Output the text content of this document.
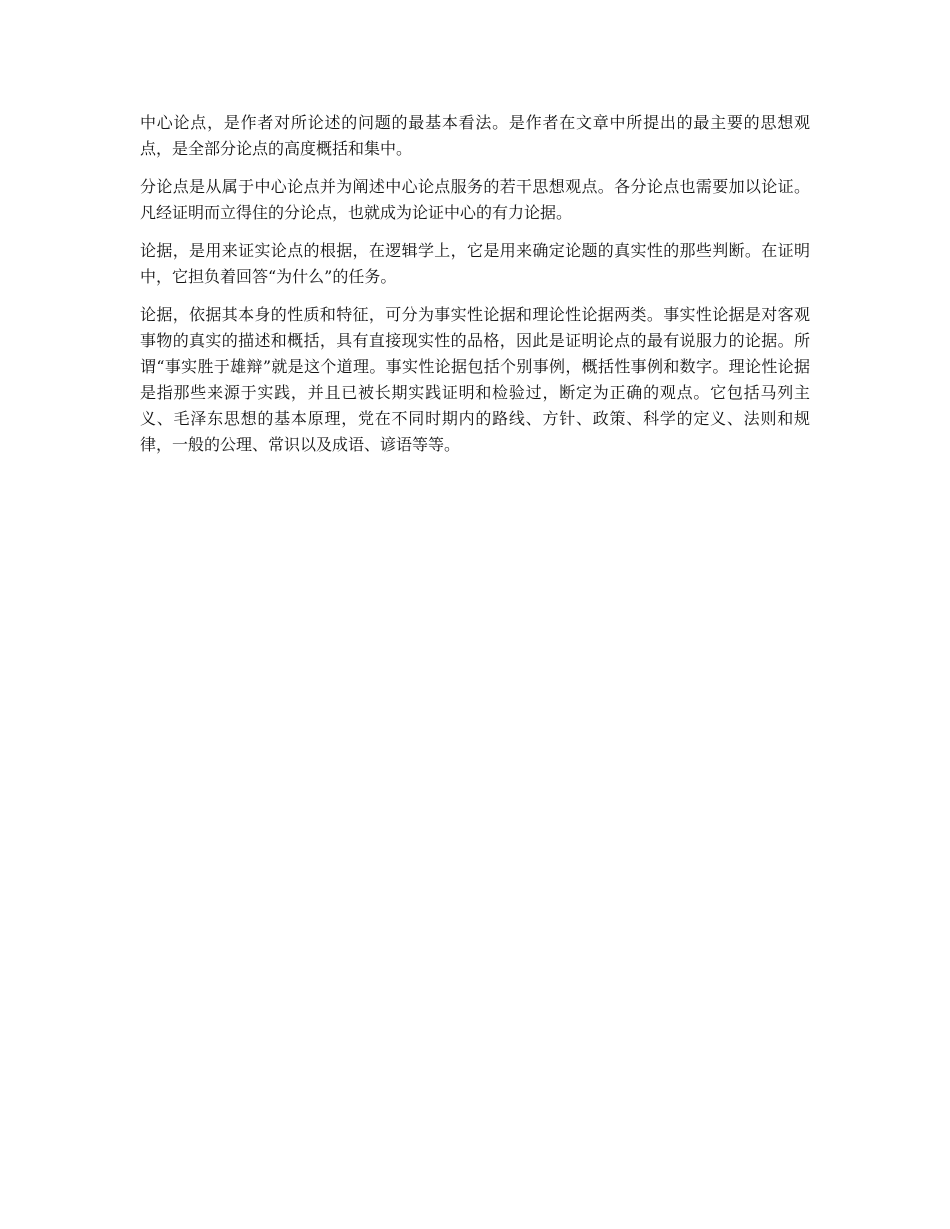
中心论点，是作者对所论述的问题的最基本看法。是作者在文章中所提出的最主要的思想观点，是全部分论点的高度概括和集中。

分论点是从属于中心论点并为阐述中心论点服务的若干思想观点。各分论点也需要加以论证。凡经证明而立得住的分论点，也就成为论证中心的有力论据。

论据，是用来证实论点的根据，在逻辑学上，它是用来确定论题的真实性的那些判断。在证明中，它担负着回答“为什么”的任务。

论据，依据其本身的性质和特征，可分为事实性论据和理论性论据两类。事实性论据是对客观事物的真实的描述和概括，具有直接现实性的品格，因此是证明论点的最有说服力的论据。所谓“事实胜于雄辩”就是这个道理。事实性论据包括个别事例，概括性事例和数字。理论性论据是指那些来源于实践，并且已被长期实践证明和检验过，断定为正确的观点。它包括马列主义、毛泽东思想的基本原理，党在不同时期内的路线、方针、政策、科学的定义、法则和规律，一般的公理、常识以及成语、谚语等等。
